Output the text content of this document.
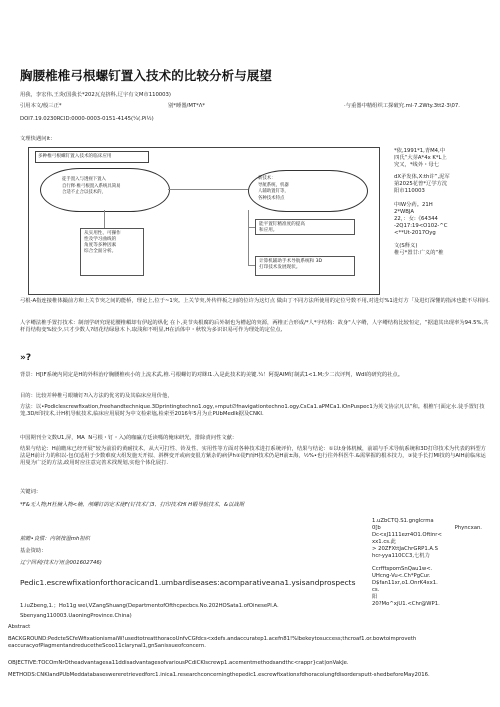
胸腰椎椎弓根螺钉置入技术的比较分析与展望
用我，李宏伟,王炎(国我长*202瓦克挤科,辽宇有文M市110003)
引用本文/般三正*	别*睡器/MT*Λ*	·与重器中精组织工探破究.ml·7.2Wty.3tt2·3\07.
DOI7.19.0230RCID:0000-0003-0151-4145(¼(.Pi½)
文理快遇问it：
多种椎弓根螺钉置入技术的临床应用
徒手置入与透视下置入
自行释·椎弓根置入系统具简易
合适不止合以技术的，
新技术：
导航系统，机器
人辅助置钉等，
各种技术特点
从实用性、可操作
性及学习曲线的
角度等多种因素
综合全面分析。
能平置钉精准度的提高
和应用。
计算机辅助手术导航系统和 3D
打印技术发展现状。
*依,1991*1,青M4,中
四氏“大芽A*4x K*L上
究又，*线外・母七
dX矛发体,X:th许”,泥军
第2025花曾*辽学方沈
阳市110003
中IW分药。21H
2*WBJA
22，：女:《64344
-2Q17:19<O102-^C
<**Ut-2017Oyg
文(S释义)
椎弓*置廿:广义的“椎
弓根-A指连接椎体撮前方和上关节突之间的能桥，理论上,位于~1突。上关节突,外传样板之间的位许为这灯点 做由丁不同方法所使用的定位号数不用,对进灯%1进灯方「及进灯深懂的指沐也能不尽相问.
人字嵴法椎手置打技术：制剖学研究现花腰椎嵋却有伊起的纵化 在卜,美节央根腐的后外制也为槽起的突源，两椎正合形成/*人*字结构：故身"人字嵴，人字嵴结构比较恒定，“据道其出现率为94.5%,共杆肖结构变%较少,只才少数人?纽花结绿悬木卜,取浅和不明显,H在活体中・秋牧为多识识易可作为理处的定位点,
»?
背景：H[IF系统内同定是H的外科治疗胸腰椎疾小的上流术武,椎.弓根螺钉的对眯l1.入是此技术的美键.¼！阿提AIM钉制武1<1.M;少二次评判，WdI的研究的社点。
目的：比较并种椎弓眼墉钉?l入方法的优劣的及其临床应用价他，
方法：以•Podiclescrewfixation,freehandtechnique.3Dprintingtechno1.ogy,»mput∅fnavigationtechno1.ogy.CsCa1.aPMCa1.iOnPuspec1为英文协宗凡以“和。根椎'闩面定水.徒手置钉技笼,3D/t印技术,计H机导航技术,临床应用展时为中文检索塩,检索至2016年5月为止PUbMedlk据及CNKI.
中国期刊全文数U1,屏，MA N弓根・钉・入)的咖赢方廷读嗎的俺床研光，排除責问性文献：
结果与结论：H前瞻床已经开展”较为前沿的黄耐技术，从大可打性、铃及性、实用性等方面对各种技术进打系统评价，结果与结论：①以t身体机械，前端与手术导航系统和3D打印技术为代表的料型方法是H前计力的积以-包仅适用于少数难度大组发施天开拟、斜桝变开或病变很方紫杂的病伊h②徒F而H技术仍是H前±海，½%•也行往外科医牛.&需掌握的根本技力，③徒手长打Ml技的与AIH前临床运用曼为广泛的方法,政用时应注意完善术找规划,实他个体化展打.
关键词：
*F&无人物;H杜楠入物<楠，颅螺钉的定术徒F(钉技术门3、打印技术HI H锻导航技术，&以战期
1.uZbCTQ.S1.gngIcrma
0[b	Phyncxan.
Dc<xJ1111ezr4O1.Oftinr<
xx1.cs.此
> 20ZFXttJaChrGRP1.A.S
hcr-yya110CC3,七机力
前瞻•良惯：内领按湿mh祖织
基金资助：
辽宁回利/技术厅用金001602746)
Pedic1.escrewfixationforthoracicand1.umbardiseases:acomparativeana1.ysisandprospects
CcrfftspomSnQau1w<.
UHcng-Vu<.Ch*PgCur.
D$fan11xr,o1.OnrK4xx1.
cs.
阳
20?Mo^xjU1.<Chr@WP1.
1.iuZbeng,1.；Ho11g wei,VZangShuang(DepartmentofOfthcpecbcs.No.202HOSata1.ofOinesePl.A.
Sbenyang110003.UaoningProvince.China)
Abstract
BACKGROUND:PedcteSCfeWfixationismaiW!usedtotreatthoracoUnfvCGfdcs<xdefs.andaccuratep1.acefn81!%lbekeytosuccess;thcroaf1.or.bowtoimproveth eaccuracyofPiagmentandreducetheScoo11clarynal1,gnSanissueofconcern.
OBJECTIVE:TOCOmNrOtheadvantagesa11ddisadvantagesofvariousPCdiCKlscrewp1.acementmethodsandthc<rappr}cat|onVakJe.
METHODS:CNKIandPUbMeddatabaseswereretrievedforc1.inica1.researchconcerningthepedic1.escrewfixationxfdhoracoiungfdisordersputt-shedbeforeMay2016.
